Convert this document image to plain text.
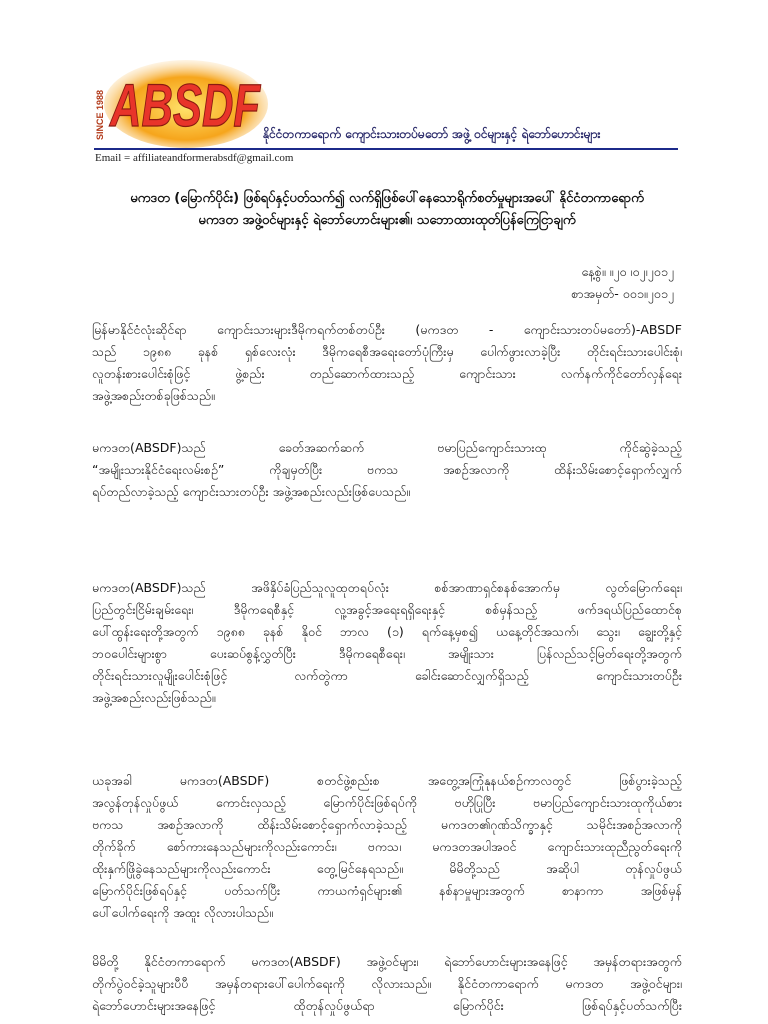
SINCE 1988 ABSDF နိုင်ငံတကာရောက် ကျောင်းသားတပ်မတော် အဖွဲ့ ဝင်များနှင့် ရဲဘော်ဟောင်းများ
Email = affiliateandformerabsdf@gmail.com
မကဒတ (မြောက်ပိုင်း) ဖြစ်ရပ်နှင့်ပတ်သက်၍ လက်ရှိဖြစ်ပေါ်နေသောရိုက်စတ်မှုများအပေါ် နိုင်ငံတကာရောက်
မကဒတ အဖွဲ့ဝင်များနှင့် ရဲဘော်ဟောင်းများ၏၊ သဘောထားထုတ်ပြန်ကြေငြာချက်
နေ့စွဲ။ ။၂၀ ၊၀၂၊၂၀၁၂
စာအမှတ်- ၀၀၁။၂၀၁၂
မြန်မာနိုင်ငံလုံးဆိုင်ရာ ကျောင်းသားများဒီမိုကရက်တစ်တပ်ဦး (မကဒတ - ကျောင်းသားတပ်မတော်)-ABSDF
သည် ၁၉၈၈ ခုနစ် ရှစ်လေးလုံး ဒီမိုကရေစီအရေးတော်ပုံကြီးမှ ပေါက်ဖွားလာခဲ့ပြီး တိုင်းရင်းသားပေါင်းစုံ၊
လူတန်းစားပေါင်းစုံဖြင့် ဖွဲ့စည်း တည်ဆောက်ထားသည့် ကျောင်းသား လက်နက်ကိုင်တော်လှန်ရေး
အဖွဲ့အစည်းတစ်ခုဖြစ်သည်။
မကဒတ(ABSDF)သည် ခေတ်အဆက်ဆက် ဗမာပြည်ကျောင်းသားထု ကိုင်ဆွဲခဲ့သည့်
“အမျိုးသားနိုင်ငံရေးလမ်းစဉ်” ကိုချမှတ်ပြီး ဗကသ အစဉ်အလာကို ထိန်းသိမ်းစောင့်ရှောက်လျှက်
ရပ်တည်လာခဲ့သည့် ကျောင်းသားတပ်ဦး အဖွဲ့အစည်းလည်းဖြစ်ပေသည်။
မကဒတ(ABSDF)သည် အဖိနှိပ်ခံပြည်သူလူထုတရပ်လုံး စစ်အာဏာရှင်စနစ်အောက်မှ လွတ်မြောက်ရေး၊
ပြည်တွင်းငြိမ်းချမ်းရေး၊ ဒီမိုကရေစီနှင့် လူ့အခွင့်အရေးရရှိရေးနှင့် စစ်မှန်သည့် ဖက်ဒရယ်ပြည်ထောင်စု
ပေါ်ထွန်းရေးတို့အတွက် ၁၉၈၈ ခုနစ် နိုဝင် ဘာလ (၁) ရက်နေ့မှစ၍ ယနေ့တိုင်အသက်၊ သွေး၊ ချွေးတို့နှင့်
ဘဝပေါင်းများစွာ ပေးဆပ်စွန့်လွှတ်ပြီး ဒီမိုကရေစီရေး၊ အမျိုးသား ပြန်လည်သင့်မြတ်ရေးတို့အတွက်
တိုင်းရင်းသားလူမျိုးပေါင်းစုံဖြင့် လက်တွဲကာ ခေါင်းဆောင်လျှက်ရှိသည့် ကျောင်းသားတပ်ဦး
အဖွဲ့အစည်းလည်းဖြစ်သည်။
ယခုအခါ မကဒတ(ABSDF) စတင်ဖွဲ့စည်းစ အတွေ့အကြုံနုနယ်စဉ်ကာလတွင် ဖြစ်ပွားခဲ့သည့်
အလွန်တုန်လှုပ်ဖွယ် ကောင်းလှသည့် မြောက်ပိုင်းဖြစ်ရပ်ကို ဗဟိုပြုပြီး ဗမာပြည်ကျောင်းသားထုကိုယ်စား
ဗကသ အစဉ်အလာကို ထိန်းသိမ်းစောင့်ရှောက်လာခဲ့သည့် မကဒတ၏ဂုဏ်သိက္ခာနှင့် သမိုင်းအစဉ်အလာကို
တိုက်ခိုက် စော်ကားနေသည်များကိုလည်းကောင်း၊ ဗကသ၊ မကဒတအပါအဝင် ကျောင်းသားထုညီညွတ်ရေးကို
ထိုးနှက်ဖြိုခွဲနေသည်များကိုလည်းကောင်း တွေ့မြင်နေရသည်။ မိမိတို့သည် အဆိုပါ တုန်လှုပ်ဖွယ်
မြောက်ပိုင်းဖြစ်ရပ်နှင့် ပတ်သက်ပြီး ကာယကံရှင်များ၏ နစ်နာမှုများအတွက် စာနာကာ အဖြစ်မှန်
ပေါ်ပေါက်ရေးကို အထူး လိုလားပါသည်။
မိမိတို့ နိုင်ငံတကာရောက် မကဒတ(ABSDF) အဖွဲ့ဝင်များ၊ ရဲဘော်ဟောင်းများအနေဖြင့် အမှန်တရားအတွက်
တိုက်ပွဲဝင်ခဲ့သူများပီပီ အမှန်တရားပေါ်ပေါက်ရေးကို လိုလားသည်။ နိုင်ငံတကာရောက် မကဒတ အဖွဲ့ဝင်များ၊
ရဲဘော်ဟောင်းများအနေဖြင့် ထိုတုန်လှုပ်ဖွယ်ရာ မြောက်ပိုင်း ဖြစ်ရပ်နှင့်ပတ်သက်ပြီး
